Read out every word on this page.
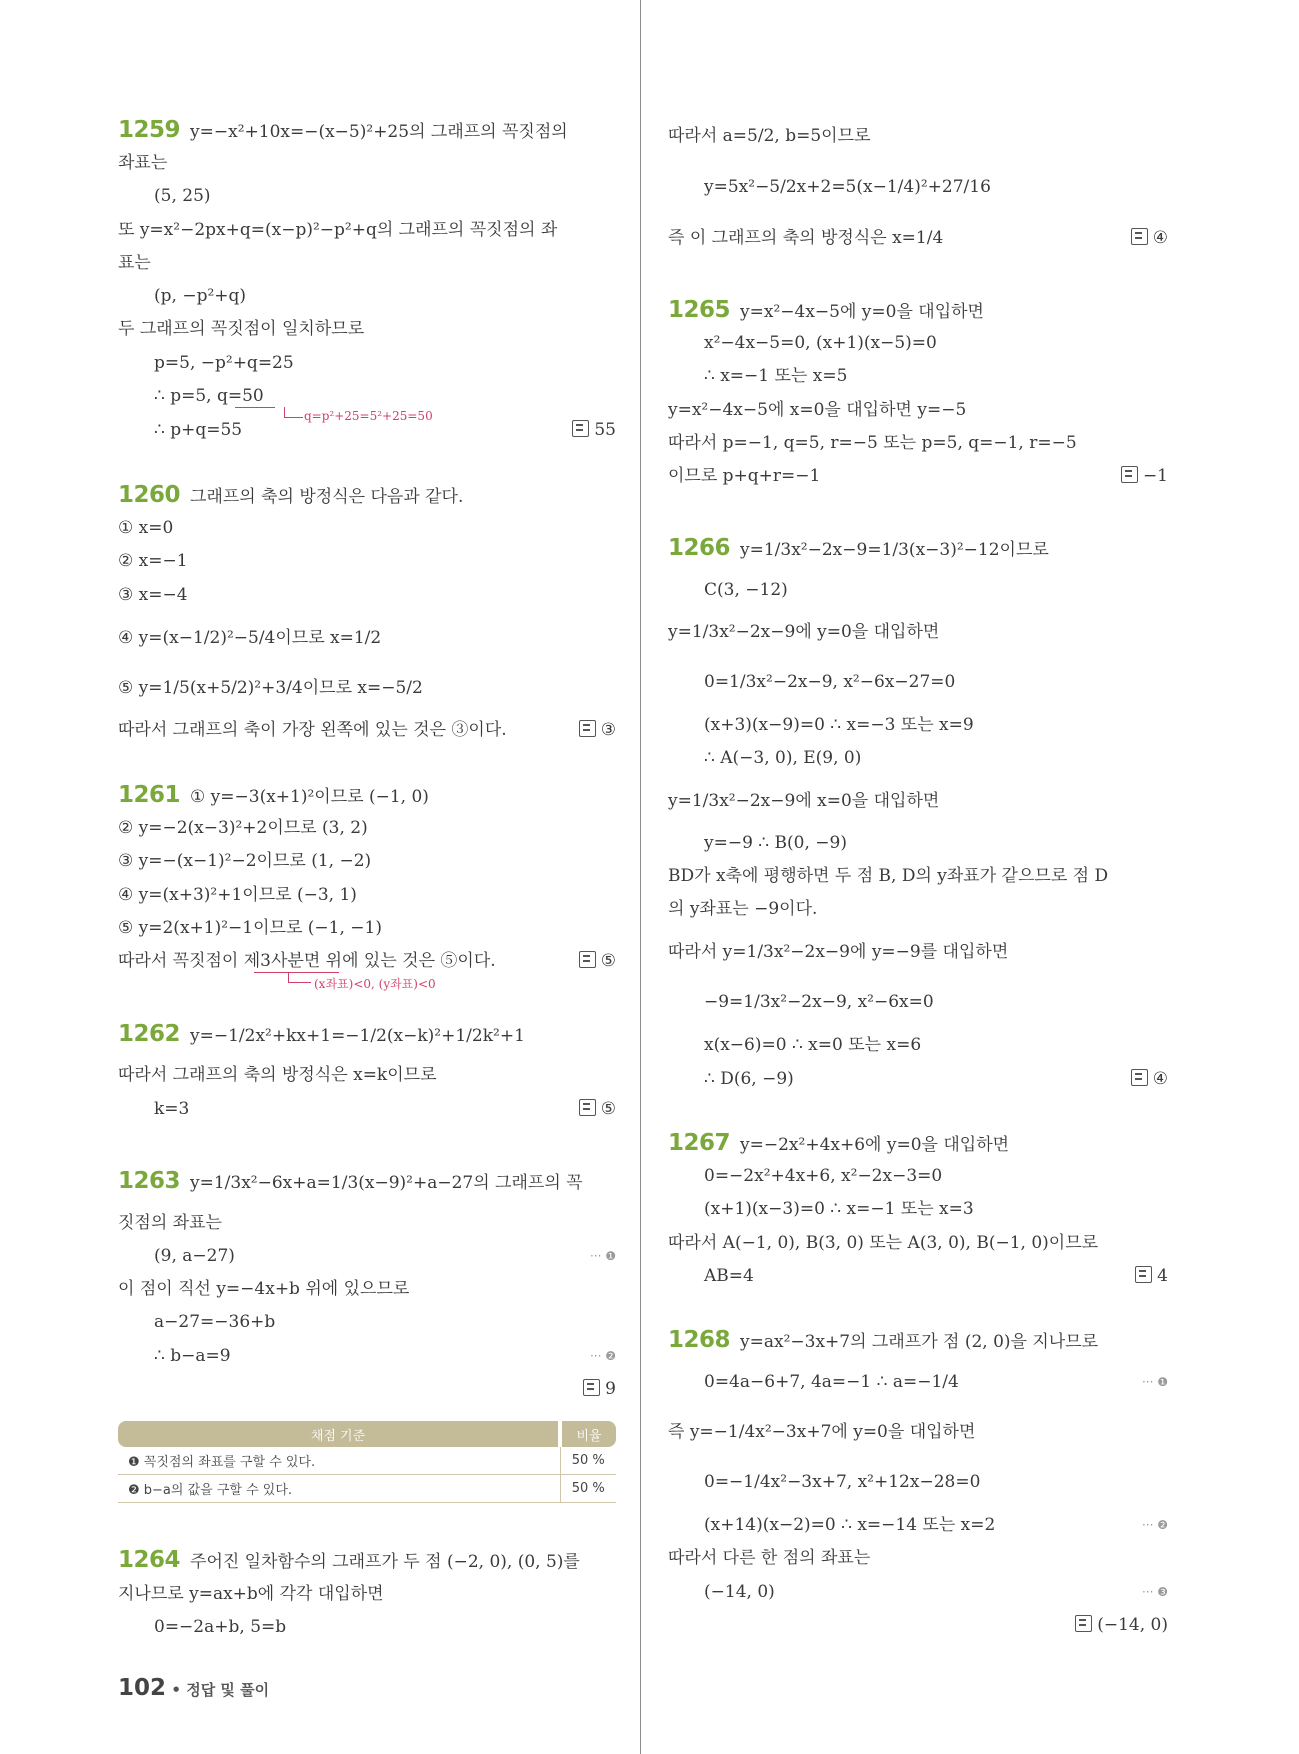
1259 y=−x²+10x=−(x−5)²+25의 그래프의 꼭짓점의
좌표는
(5, 25)
또 y=x²−2px+q=(x−p)²−p²+q의 그래프의 꼭짓점의 좌
표는
(p, −p²+q)
두 그래프의 꼭짓점이 일치하므로
p=5, −p²+q=25
∴ p=5, q=50
q=p²+25=5²+25=50
∴ p+q=55	55
1260 그래프의 축의 방정식은 다음과 같다.
① x=0
② x=−1
③ x=−4
④ y=(x−1/2)²−5/4이므로 x=1/2
⑤ y=1/5(x+5/2)²+3/4이므로 x=−5/2
따라서 그래프의 축이 가장 왼쪽에 있는 것은 ③이다.	③
1261 ① y=−3(x+1)²이므로 (−1, 0)
② y=−2(x−3)²+2이므로 (3, 2)
③ y=−(x−1)²−2이므로 (1, −2)
④ y=(x+3)²+1이므로 (−3, 1)
⑤ y=2(x+1)²−1이므로 (−1, −1)
따라서 꼭짓점이 제3사분면 위에 있는 것은 ⑤이다.
(x좌표)<0, (y좌표)<0
⑤
1262 y=−1/2x²+kx+1=−1/2(x−k)²+1/2k²+1
따라서 그래프의 축의 방정식은 x=k이므로
k=3	⑤
1263 y=1/3x²−6x+a=1/3(x−9)²+a−27의 그래프의 꼭
짓점의 좌표는
(9, a−27)	··· ❶
이 점이 직선 y=−4x+b 위에 있으므로
a−27=−36+b
∴ b−a=9	··· ❷
9
채점 기준	비율
❶ 꼭짓점의 좌표를 구할 수 있다.	50 %
❷ b−a의 값을 구할 수 있다.	50 %
1264 주어진 일차함수의 그래프가 두 점 (−2, 0), (0, 5)를
지나므로 y=ax+b에 각각 대입하면
0=−2a+b, 5=b
따라서 a=5/2, b=5이므로
y=5x²−5/2x+2=5(x−1/4)²+27/16
즉 이 그래프의 축의 방정식은 x=1/4	④
1265 y=x²−4x−5에 y=0을 대입하면
x²−4x−5=0, (x+1)(x−5)=0
∴ x=−1 또는 x=5
y=x²−4x−5에 x=0을 대입하면 y=−5
따라서 p=−1, q=5, r=−5 또는 p=5, q=−1, r=−5
이므로 p+q+r=−1	−1
1266 y=1/3x²−2x−9=1/3(x−3)²−12이므로
C(3, −12)
y=1/3x²−2x−9에 y=0을 대입하면
0=1/3x²−2x−9, x²−6x−27=0
(x+3)(x−9)=0 ∴ x=−3 또는 x=9
∴ A(−3, 0), E(9, 0)
y=1/3x²−2x−9에 x=0을 대입하면
y=−9 ∴ B(0, −9)
BD가 x축에 평행하면 두 점 B, D의 y좌표가 같으므로 점 D
의 y좌표는 −9이다.
따라서 y=1/3x²−2x−9에 y=−9를 대입하면
−9=1/3x²−2x−9, x²−6x=0
x(x−6)=0 ∴ x=0 또는 x=6
∴ D(6, −9)	④
1267 y=−2x²+4x+6에 y=0을 대입하면
0=−2x²+4x+6, x²−2x−3=0
(x+1)(x−3)=0 ∴ x=−1 또는 x=3
따라서 A(−1, 0), B(3, 0) 또는 A(3, 0), B(−1, 0)이므로
AB=4	4
1268 y=ax²−3x+7의 그래프가 점 (2, 0)을 지나므로
0=4a−6+7, 4a=−1 ∴ a=−1/4	··· ❶
즉 y=−1/4x²−3x+7에 y=0을 대입하면
0=−1/4x²−3x+7, x²+12x−28=0
(x+14)(x−2)=0 ∴ x=−14 또는 x=2	··· ❷
따라서 다른 한 점의 좌표는
(−14, 0)	··· ❸
(−14, 0)
102 • 정답 및 풀이
